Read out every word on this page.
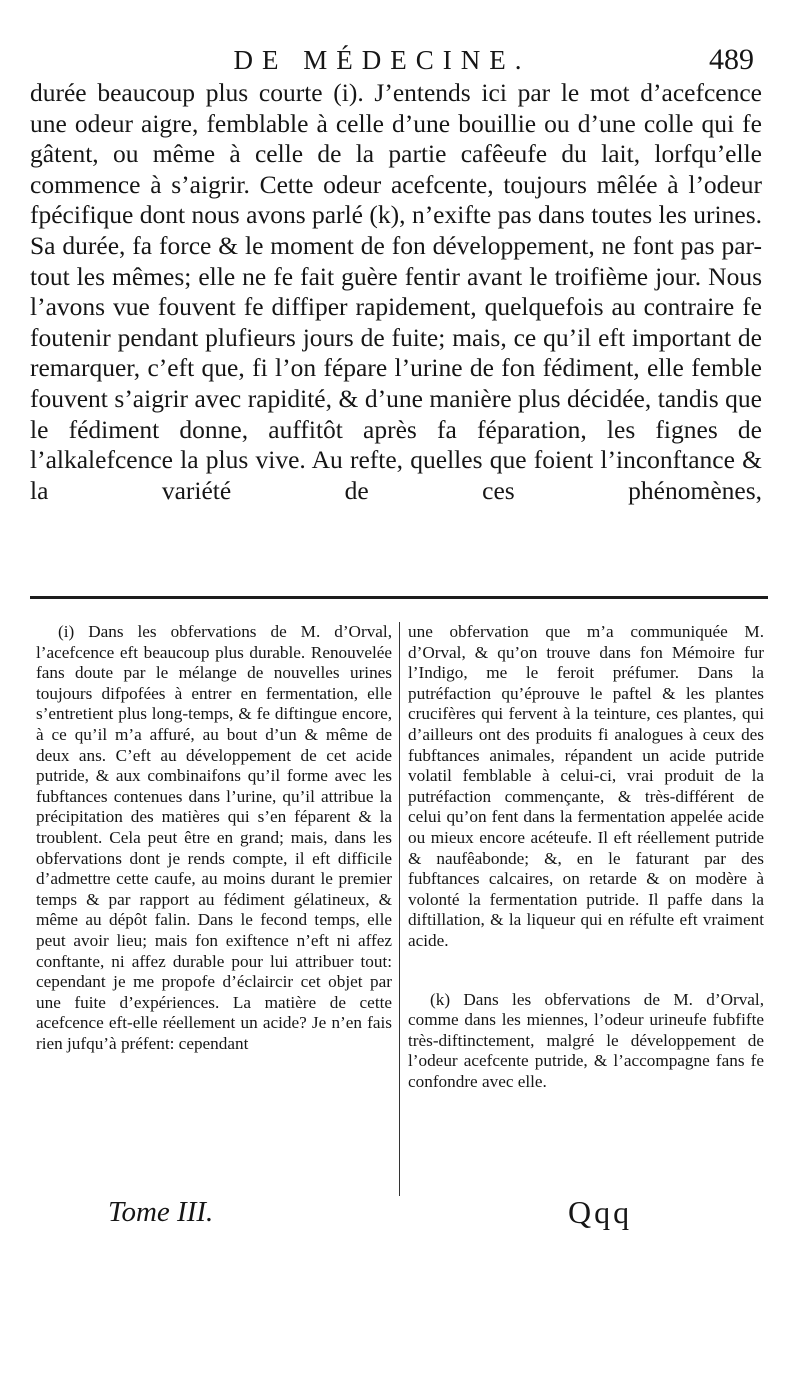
DE MÉDECINE.	489

durée beaucoup plus courte (i). J’entends ici par le mot d’acefcence une odeur aigre, femblable à celle d’une bouillie ou d’une colle qui fe gâtent, ou même à celle de la partie cafêeufe du lait, lorfqu’elle commence à s’aigrir. Cette odeur acefcente, toujours mêlée à l’odeur fpécifique dont nous avons parlé (k), n’exifte pas dans toutes les urines. Sa durée, fa force & le moment de fon développement, ne font pas par-tout les mêmes; elle ne fe fait guère fentir avant le troifième jour. Nous l’avons vue fouvent fe diffiper rapidement, quelquefois au contraire fe foutenir pendant plufieurs jours de fuite; mais, ce qu’il eft important de remarquer, c’eft que, fi l’on fépare l’urine de fon fédiment, elle femble fouvent s’aigrir avec rapidité, & d’une manière plus décidée, tandis que le fédiment donne, auffitôt après fa féparation, les fignes de l’alkalefcence la plus vive. Au refte, quelles que foient l’inconftance & la variété de ces phénomènes,

(i) Dans les obfervations de M. d’Orval, l’acefcence eft beaucoup plus durable. Renouvelée fans doute par le mélange de nouvelles urines toujours difpofées à entrer en fermentation, elle s’entretient plus long-temps, & fe diftingue encore, à ce qu’il m’a affuré, au bout d’un & même de deux ans. C’eft au développement de cet acide putride, & aux combinaifons qu’il forme avec les fubftances contenues dans l’urine, qu’il attribue la précipitation des matières qui s’en féparent & la troublent. Cela peut être en grand; mais, dans les obfervations dont je rends compte, il eft difficile d’admettre cette caufe, au moins durant le premier temps & par rapport au fédiment gélatineux, & même au dépôt falin. Dans le fecond temps, elle peut avoir lieu; mais fon exiftence n’eft ni affez conftante, ni affez durable pour lui attribuer tout: cependant je me propofe d’éclaircir cet objet par une fuite d’expériences. La matière de cette acefcence eft-elle réellement un acide? Je n’en fais rien jufqu’à préfent: cependant

une obfervation que m’a communiquée M. d’Orval, & qu’on trouve dans fon Mémoire fur l’Indigo, me le feroit préfumer. Dans la putréfaction qu’éprouve le paftel & les plantes crucifères qui fervent à la teinture, ces plantes, qui d’ailleurs ont des produits fi analogues à ceux des fubftances animales, répandent un acide putride volatil femblable à celui-ci, vrai produit de la putréfaction commençante, & très-différent de celui qu’on fent dans la fermentation appelée acide ou mieux encore acéteufe. Il eft réellement putride & naufêabonde; &, en le faturant par des fubftances calcaires, on retarde & on modère à volonté la fermentation putride. Il paffe dans la diftillation, & la liqueur qui en réfulte eft vraiment acide.

(k) Dans les obfervations de M. d’Orval, comme dans les miennes, l’odeur urineufe fubfifte très-diftinctement, malgré le développement de l’odeur acefcente putride, & l’accompagne fans fe confondre avec elle.

Tome III.	Qqq
